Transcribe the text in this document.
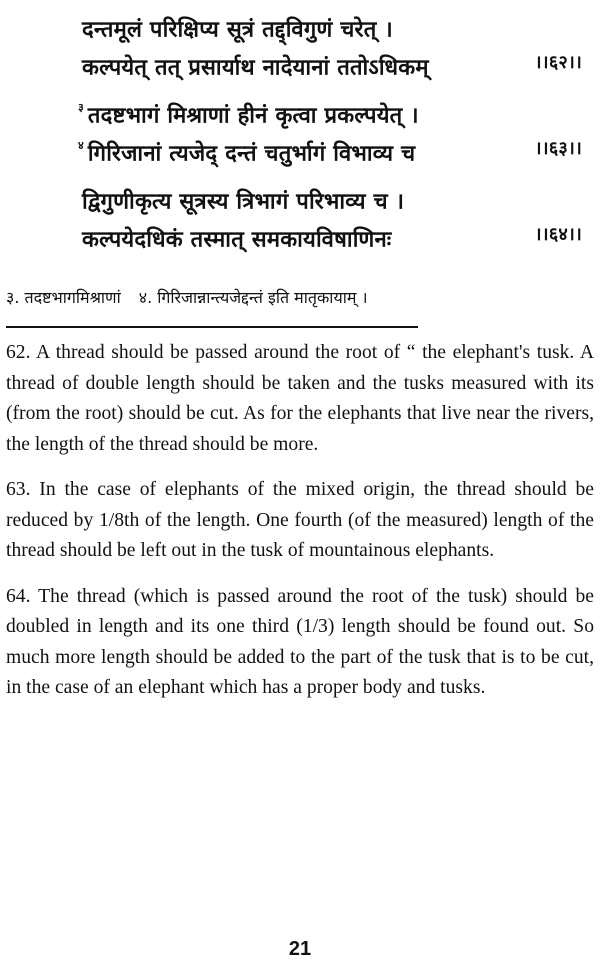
दन्तमूलं परिक्षिप्य सूत्रं तद्द्विगुणं चरेत् ।
कल्पयेत् तत् प्रसार्याथ नादेयानां ततोऽधिकम्	।।६२।।
$^३$ तदष्टभागं मिश्राणां हीनं कृत्वा प्रकल्पयेत् ।
$^४$ गिरिजानां त्यजेद् दन्तं चतुर्भागं विभाव्य च	।।६३।।
द्विगुणीकृत्य सूत्रस्य त्रिभागं परिभाव्य च ।
कल्पयेदधिकं तस्मात् समकायविषाणिनः	।।६४।।
३. तदष्टभागमिश्राणां ४. गिरिजान्नान्त्यजेद्दन्तं इति मातृकायाम् ।

62. A thread should be passed around the root of “ the elephant's tusk. A thread of double length should be taken and the tusks measured with its (from the root) should be cut. As for the elephants that live near the rivers, the length of the thread should be more.

63. In the case of elephants of the mixed origin, the thread should be reduced by 1/8th of the length. One fourth (of the measured) length of the thread should be left out in the tusk of mountainous elephants.

64. The thread (which is passed around the root of the tusk) should be doubled in length and its one third (1/3) length should be found out. So much more length should be added to the part of the tusk that is to be cut, in the case of an elephant which has a proper body and tusks.

21
